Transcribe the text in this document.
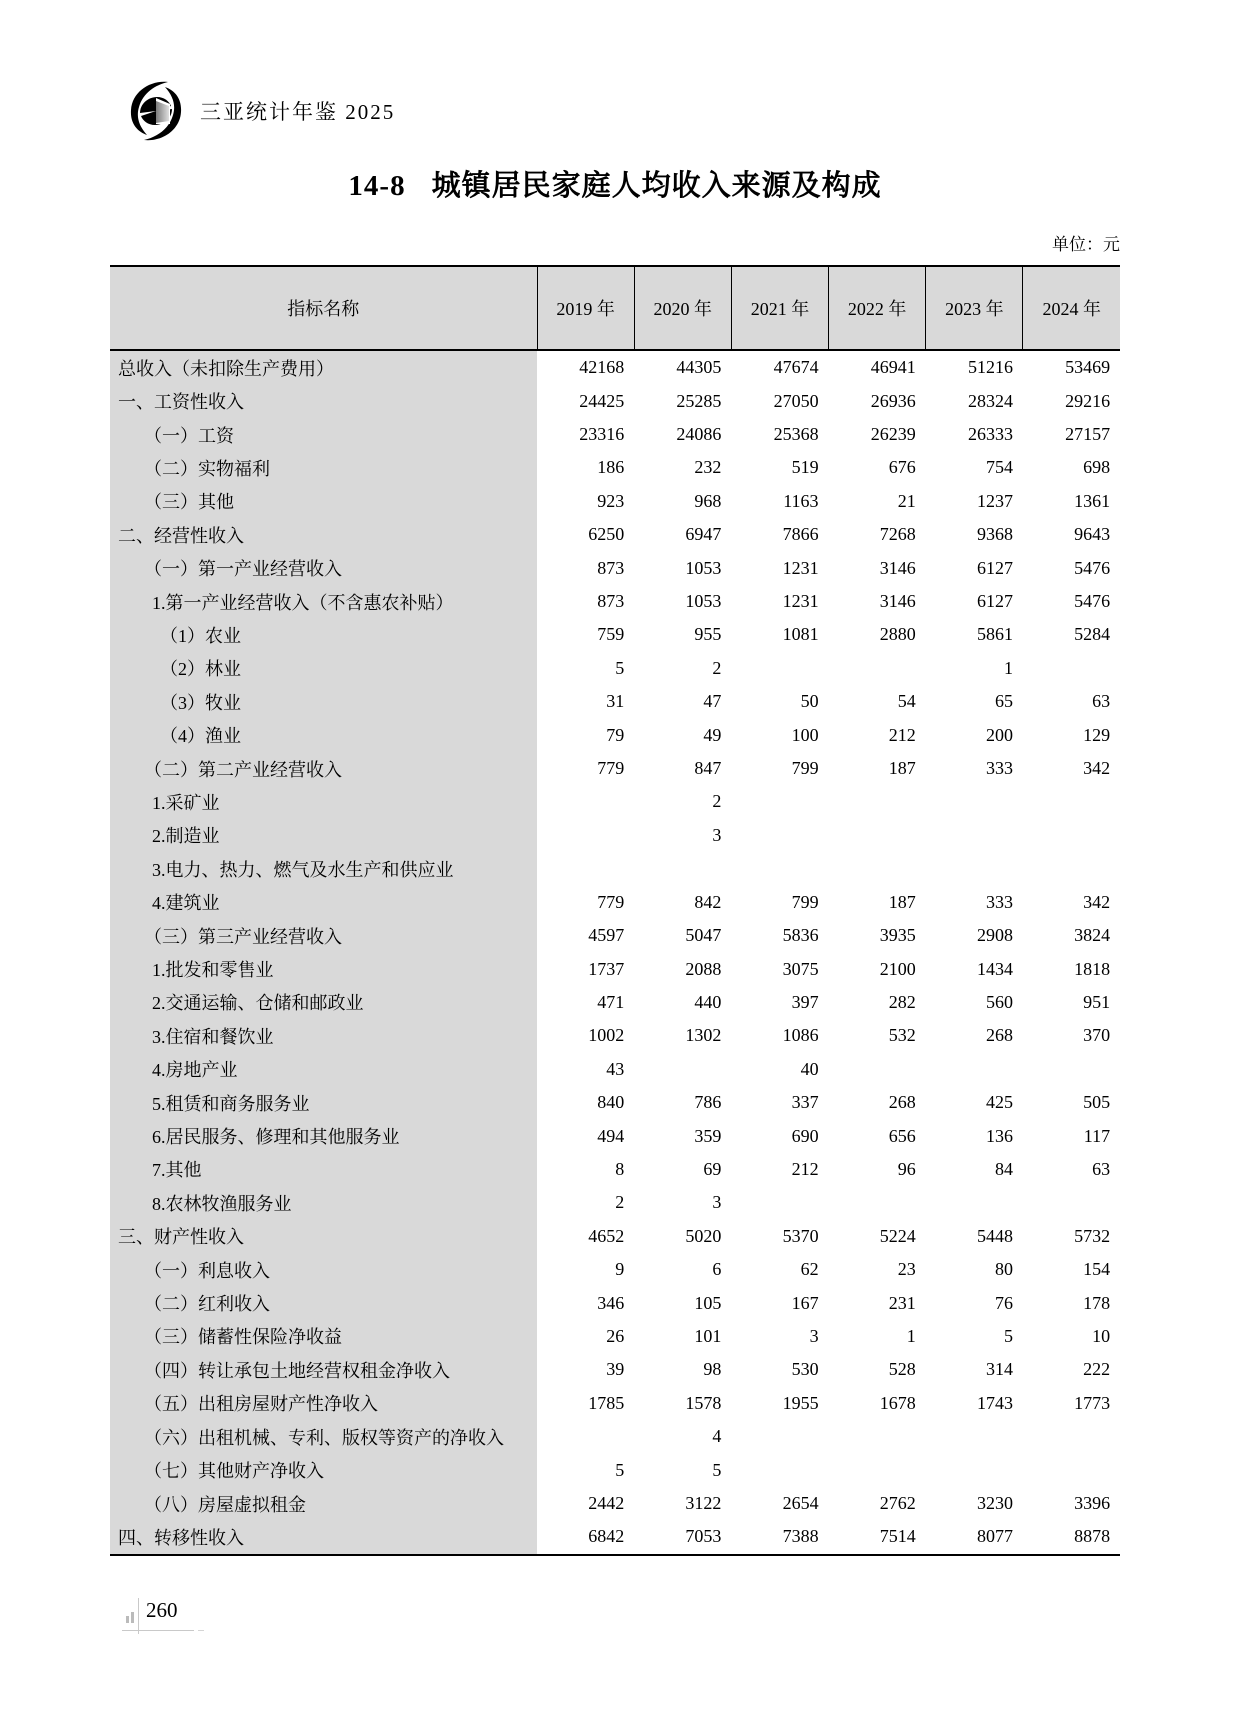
三亚统计年鉴 2025
14-8 城镇居民家庭人均收入来源及构成
单位：元
指标名称	2019 年	2020 年	2021 年	2022 年	2023 年	2024 年
总收入（未扣除生产费用）	42168	44305	47674	46941	51216	53469
一、工资性收入	24425	25285	27050	26936	28324	29216
（一）工资	23316	24086	25368	26239	26333	27157
（二）实物福利	186	232	519	676	754	698
（三）其他	923	968	1163	21	1237	1361
二、经营性收入	6250	6947	7866	7268	9368	9643
（一）第一产业经营收入	873	1053	1231	3146	6127	5476
1.第一产业经营收入（不含惠农补贴）	873	1053	1231	3146	6127	5476
（1）农业	759	955	1081	2880	5861	5284
（2）林业	5	2			1	
（3）牧业	31	47	50	54	65	63
（4）渔业	79	49	100	212	200	129
（二）第二产业经营收入	779	847	799	187	333	342
1.采矿业		2				
2.制造业		3				
3.电力、热力、燃气及水生产和供应业						
4.建筑业	779	842	799	187	333	342
（三）第三产业经营收入	4597	5047	5836	3935	2908	3824
1.批发和零售业	1737	2088	3075	2100	1434	1818
2.交通运输、仓储和邮政业	471	440	397	282	560	951
3.住宿和餐饮业	1002	1302	1086	532	268	370
4.房地产业	43		40			
5.租赁和商务服务业	840	786	337	268	425	505
6.居民服务、修理和其他服务业	494	359	690	656	136	117
7.其他	8	69	212	96	84	63
8.农林牧渔服务业	2	3				
三、财产性收入	4652	5020	5370	5224	5448	5732
（一）利息收入	9	6	62	23	80	154
（二）红利收入	346	105	167	231	76	178
（三）储蓄性保险净收益	26	101	3	1	5	10
（四）转让承包土地经营权租金净收入	39	98	530	528	314	222
（五）出租房屋财产性净收入	1785	1578	1955	1678	1743	1773
（六）出租机械、专利、版权等资产的净收入		4				
（七）其他财产净收入	5	5				
（八）房屋虚拟租金	2442	3122	2654	2762	3230	3396
四、转移性收入	6842	7053	7388	7514	8077	8878
260
